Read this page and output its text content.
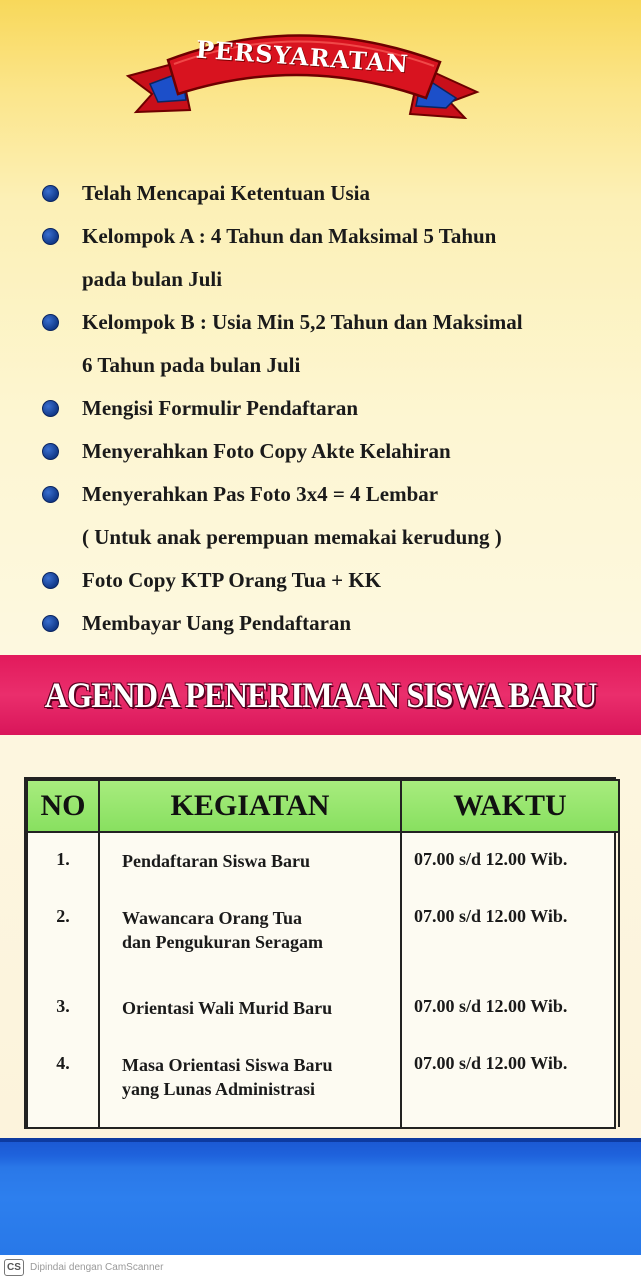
PERSYARATAN
Telah Mencapai Ketentuan Usia
Kelompok A : 4 Tahun dan Maksimal 5 Tahun
pada bulan Juli
Kelompok B : Usia Min 5,2 Tahun dan Maksimal
6 Tahun pada bulan Juli
Mengisi Formulir Pendaftaran
Menyerahkan Foto Copy Akte Kelahiran
Menyerahkan Pas Foto 3x4 = 4 Lembar
( Untuk anak perempuan memakai kerudung )
Foto Copy KTP Orang Tua + KK
Membayar Uang Pendaftaran
AGENDA PENERIMAAN SISWA BARU
NO	KEGIATAN	WAKTU
1.	Pendaftaran Siswa Baru	07.00 s/d 12.00 Wib.
2.	Wawancara Orang Tua
dan Pengukuran Seragam	07.00 s/d 12.00 Wib.
3.	Orientasi Wali Murid Baru	07.00 s/d 12.00 Wib.
4.	Masa Orientasi Siswa Baru
yang Lunas Administrasi	07.00 s/d 12.00 Wib.
CS Dipindai dengan CamScanner
